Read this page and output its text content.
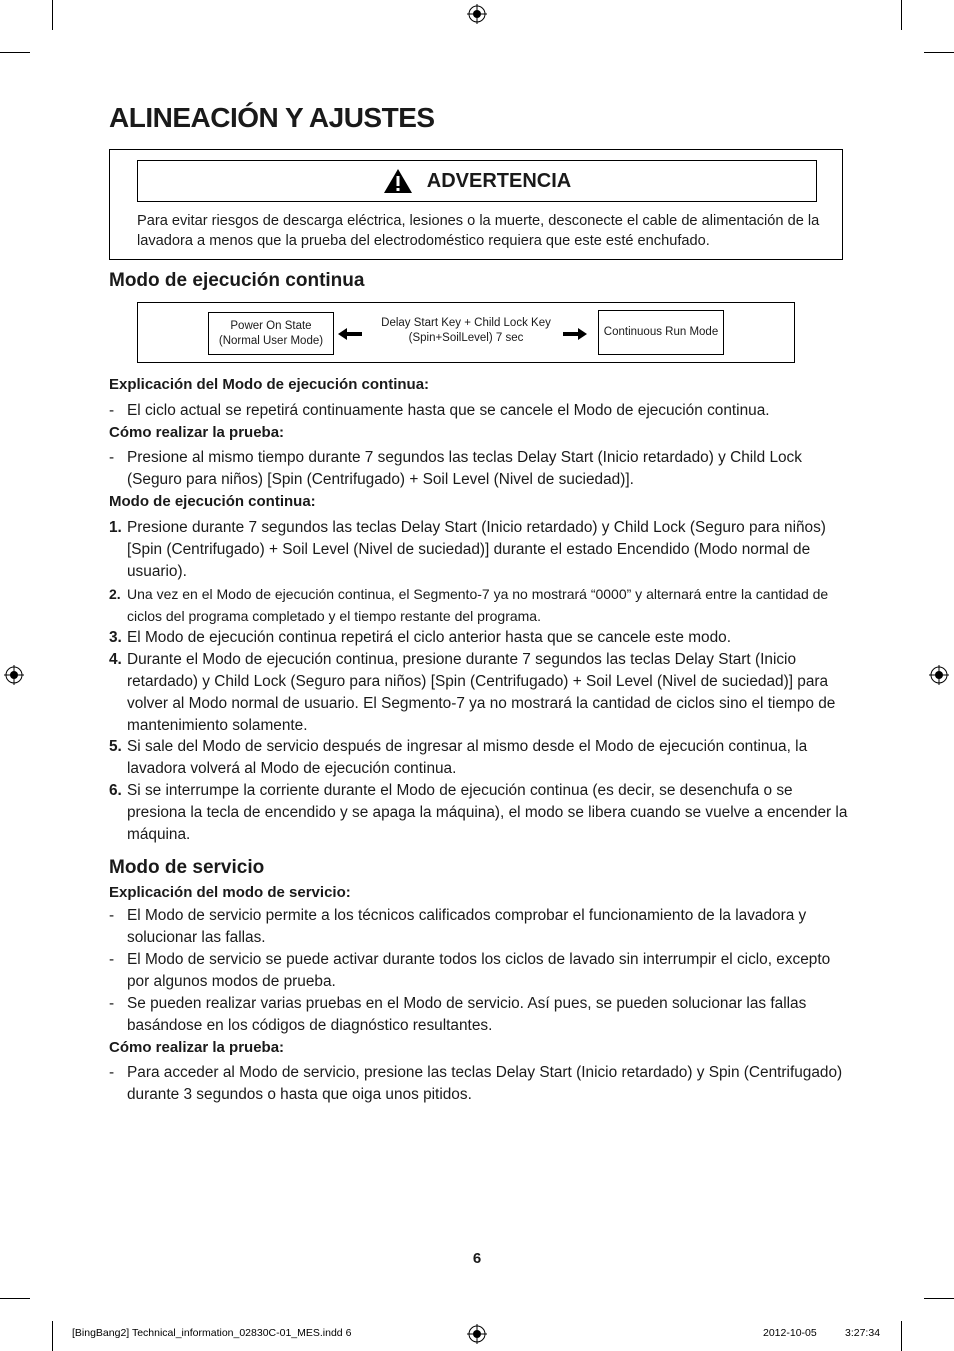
ALINEACIÓN Y AJUSTES
ADVERTENCIA
Para evitar riesgos de descarga eléctrica, lesiones o la muerte, desconecte el cable de alimentación de la lavadora a menos que la prueba del electrodoméstico requiera que este esté enchufado.
Modo de ejecución continua
Power On State
(Normal User Mode)
Delay Start Key + Child Lock Key
(Spin+SoilLevel) 7 sec	Continuous Run Mode
Explicación del Modo de ejecución continua:
- El ciclo actual se repetirá continuamente hasta que se cancele el Modo de ejecución continua.
Cómo realizar la prueba:
- Presione al mismo tiempo durante 7 segundos las teclas Delay Start (Inicio retardado) y Child Lock (Seguro para niños) [Spin (Centrifugado) + Soil Level (Nivel de suciedad)].
Modo de ejecución continua:
1. Presione durante 7 segundos las teclas Delay Start (Inicio retardado) y Child Lock (Seguro para niños) [Spin (Centrifugado) + Soil Level (Nivel de suciedad)] durante el estado Encendido (Modo normal de usuario).
2. Una vez en el Modo de ejecución continua, el Segmento-7 ya no mostrará “0000” y alternará entre la cantidad de ciclos del programa completado y el tiempo restante del programa.
3. El Modo de ejecución continua repetirá el ciclo anterior hasta que se cancele este modo.
4. Durante el Modo de ejecución continua, presione durante 7 segundos las teclas Delay Start (Inicio retardado) y Child Lock (Seguro para niños) [Spin (Centrifugado) + Soil Level (Nivel de suciedad)] para volver al Modo normal de usuario. El Segmento-7 ya no mostrará la cantidad de ciclos sino el tiempo de mantenimiento solamente.
5. Si sale del Modo de servicio después de ingresar al mismo desde el Modo de ejecución continua, la lavadora volverá al Modo de ejecución continua.
6. Si se interrumpe la corriente durante el Modo de ejecución continua (es decir, se desenchufa o se presiona la tecla de encendido y se apaga la máquina), el modo se libera cuando se vuelve a encender la máquina.
Modo de servicio
Explicación del modo de servicio:
- El Modo de servicio permite a los técnicos calificados comprobar el funcionamiento de la lavadora y solucionar las fallas.
- El Modo de servicio se puede activar durante todos los ciclos de lavado sin interrumpir el ciclo, excepto por algunos modos de prueba.
- Se pueden realizar varias pruebas en el Modo de servicio. Así pues, se pueden solucionar las fallas basándose en los códigos de diagnóstico resultantes.
Cómo realizar la prueba:
- Para acceder al Modo de servicio, presione las teclas Delay Start (Inicio retardado) y Spin (Centrifugado) durante 3 segundos o hasta que oiga unos pitidos.
6
[BingBang2] Technical_information_02830C-01_MES.indd 6	2012-10-05	3:27:34
